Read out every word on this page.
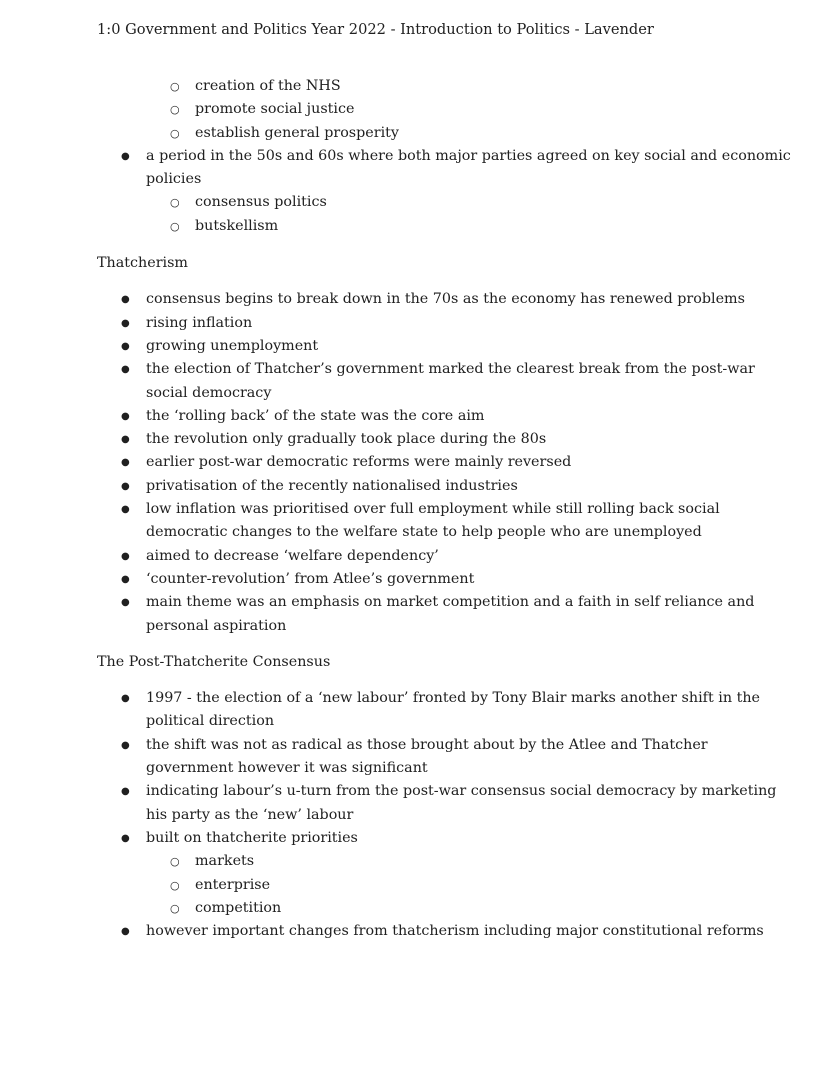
1:0 Government and Politics Year 2022 - Introduction to Politics - Lavender
○ creation of the NHS
○ promote social justice
○ establish general prosperity
● a period in the 50s and 60s where both major parties agreed on key social and economic
policies
○ consensus politics
○ butskellism
Thatcherism
● consensus begins to break down in the 70s as the economy has renewed problems
● rising inflation
● growing unemployment
● the election of Thatcher’s government marked the clearest break from the post-war
social democracy
● the ‘rolling back’ of the state was the core aim
● the revolution only gradually took place during the 80s
● earlier post-war democratic reforms were mainly reversed
● privatisation of the recently nationalised industries
● low inflation was prioritised over full employment while still rolling back social
democratic changes to the welfare state to help people who are unemployed
● aimed to decrease ‘welfare dependency’
● ‘counter-revolution’ from Atlee’s government
● main theme was an emphasis on market competition and a faith in self reliance and
personal aspiration
The Post-Thatcherite Consensus
● 1997 - the election of a ‘new labour’ fronted by Tony Blair marks another shift in the
political direction
● the shift was not as radical as those brought about by the Atlee and Thatcher
government however it was significant
● indicating labour’s u-turn from the post-war consensus social democracy by marketing
his party as the ‘new’ labour
● built on thatcherite priorities
○ markets
○ enterprise
○ competition
● however important changes from thatcherism including major constitutional reforms
